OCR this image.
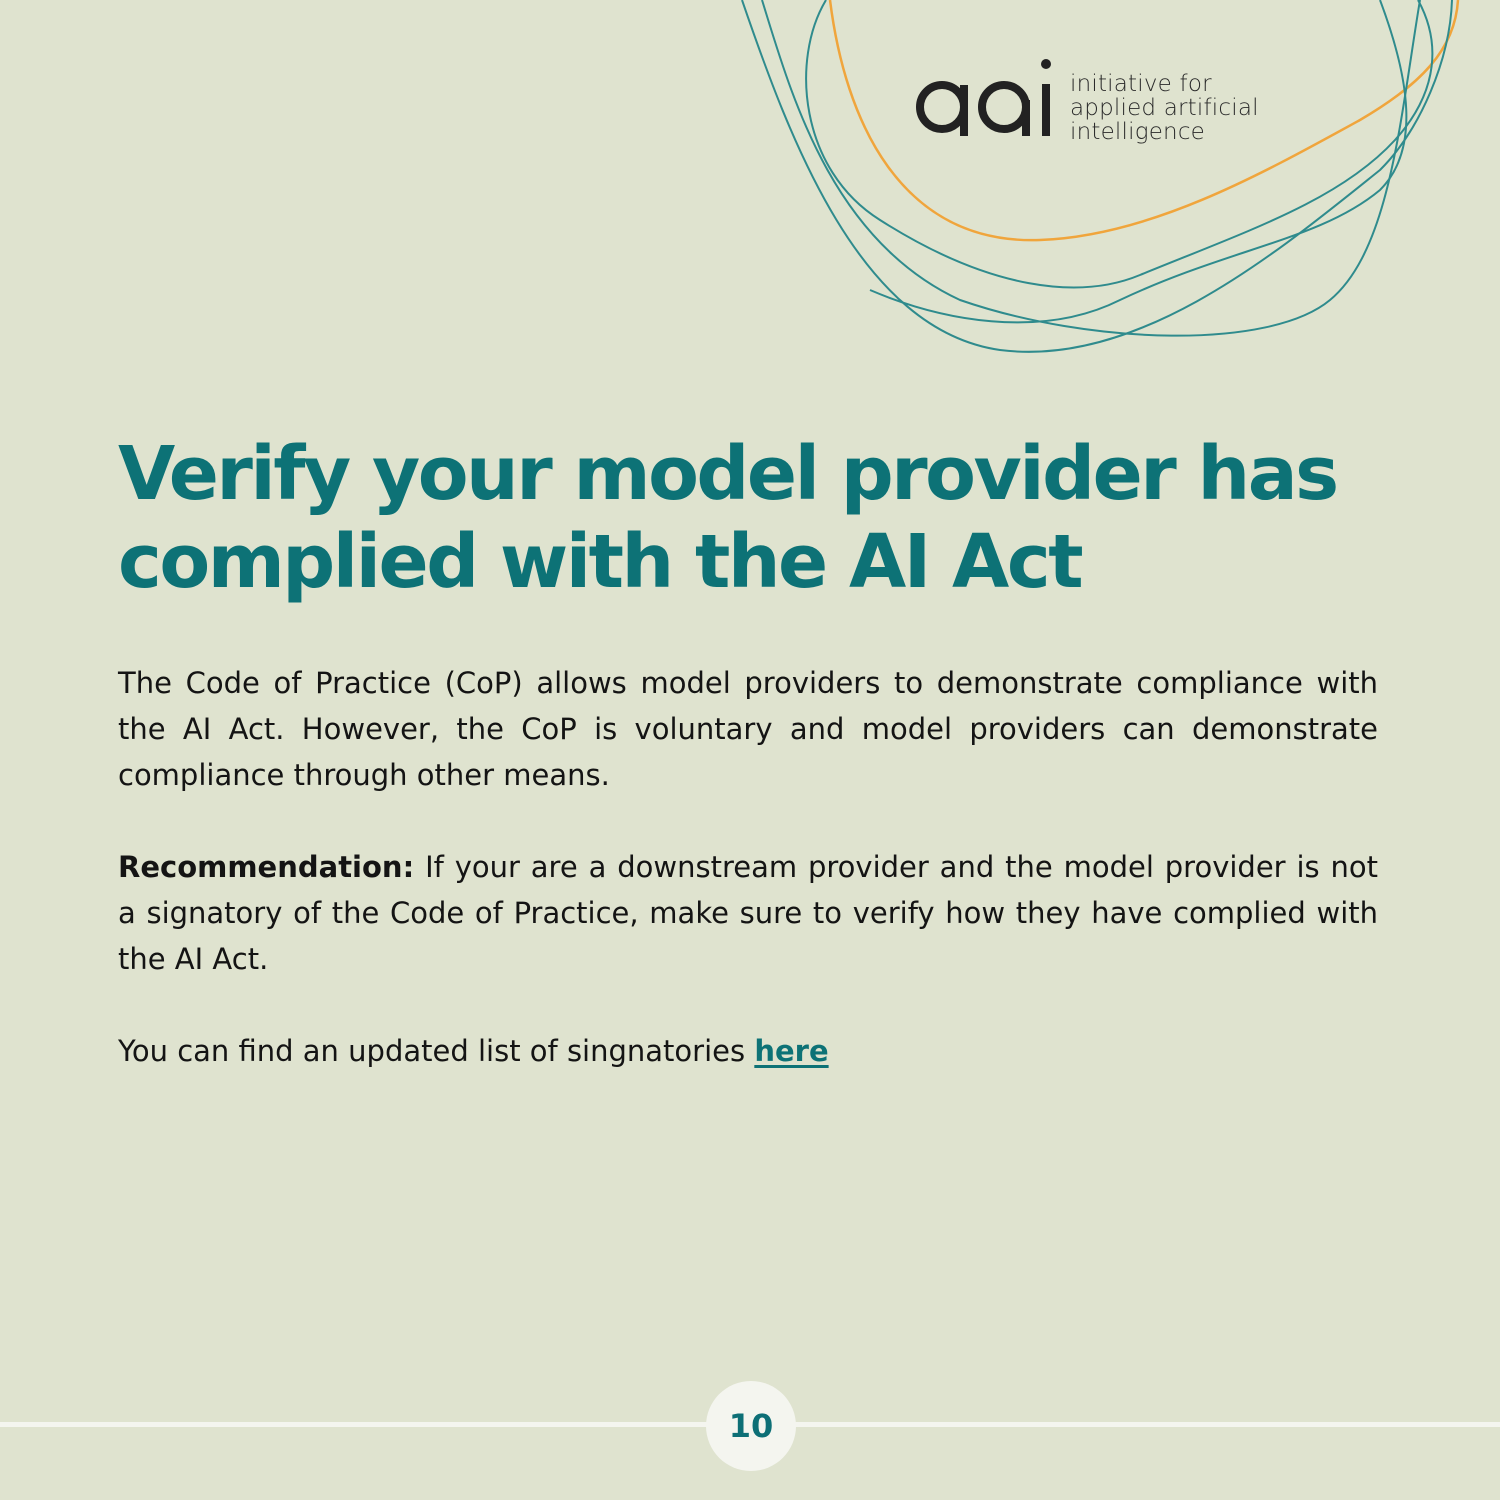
initiative for
applied artificial
intelligence
Verify your model provider has
complied with the AI Act

The Code of Practice (CoP) allows model providers to demonstrate compliance with the AI Act. However, the CoP is voluntary and model providers can demonstrate compliance through other means.

Recommendation: If your are a downstream provider and the model provider is not a signatory of the Code of Practice, make sure to verify how they have complied with the AI Act.

You can find an updated list of singnatories here

10
